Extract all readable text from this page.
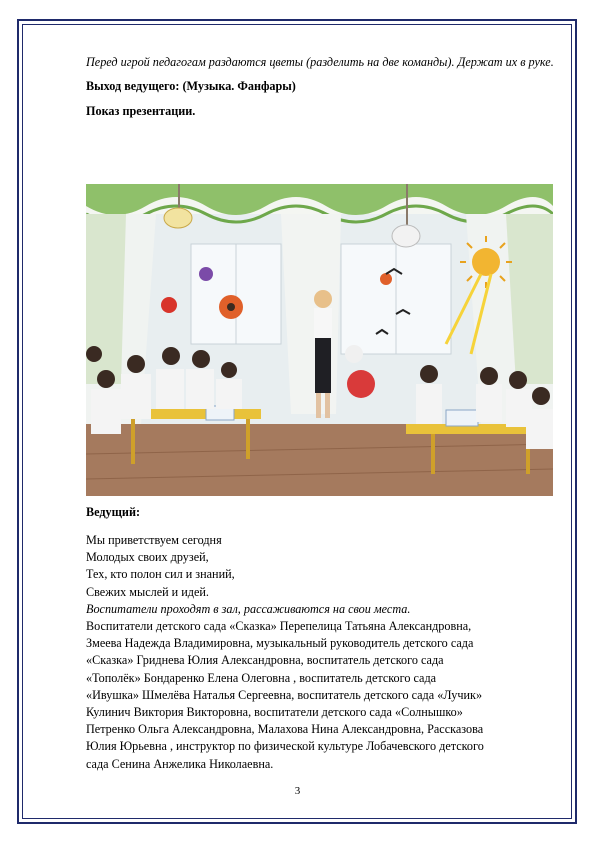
Перед игрой педагогам раздаются цветы (разделить на две команды). Держат их в руке.

Выход ведущего: (Музыка. Фанфары)

Показ презентации.

Ведущий:
Мы приветствуем сегодня
Молодых своих друзей,
Тех, кто полон сил и знаний,
Свежих мыслей и идей.
Воспитатели проходят в зал, рассаживаются на свои места.
Воспитатели детского сада «Сказка» Перепелица Татьяна Александровна,
Змеева Надежда Владимировна, музыкальный руководитель детского сада
«Сказка» Гриднева Юлия Александровна, воспитатель детского сада
«Тополёк» Бондаренко Елена Олеговна , воспитатель детского сада
«Ивушка» Шмелёва Наталья Сергеевна, воспитатель детского сада «Лучик»
Кулинич Виктория Викторовна, воспитатели детского сада «Солнышко»
Петренко Ольга Александровна, Малахова Нина Александровна, Рассказова
Юлия Юрьевна , инструктор по физической культуре Лобачевского детского
сада Сенина Анжелика Николаевна.
3
